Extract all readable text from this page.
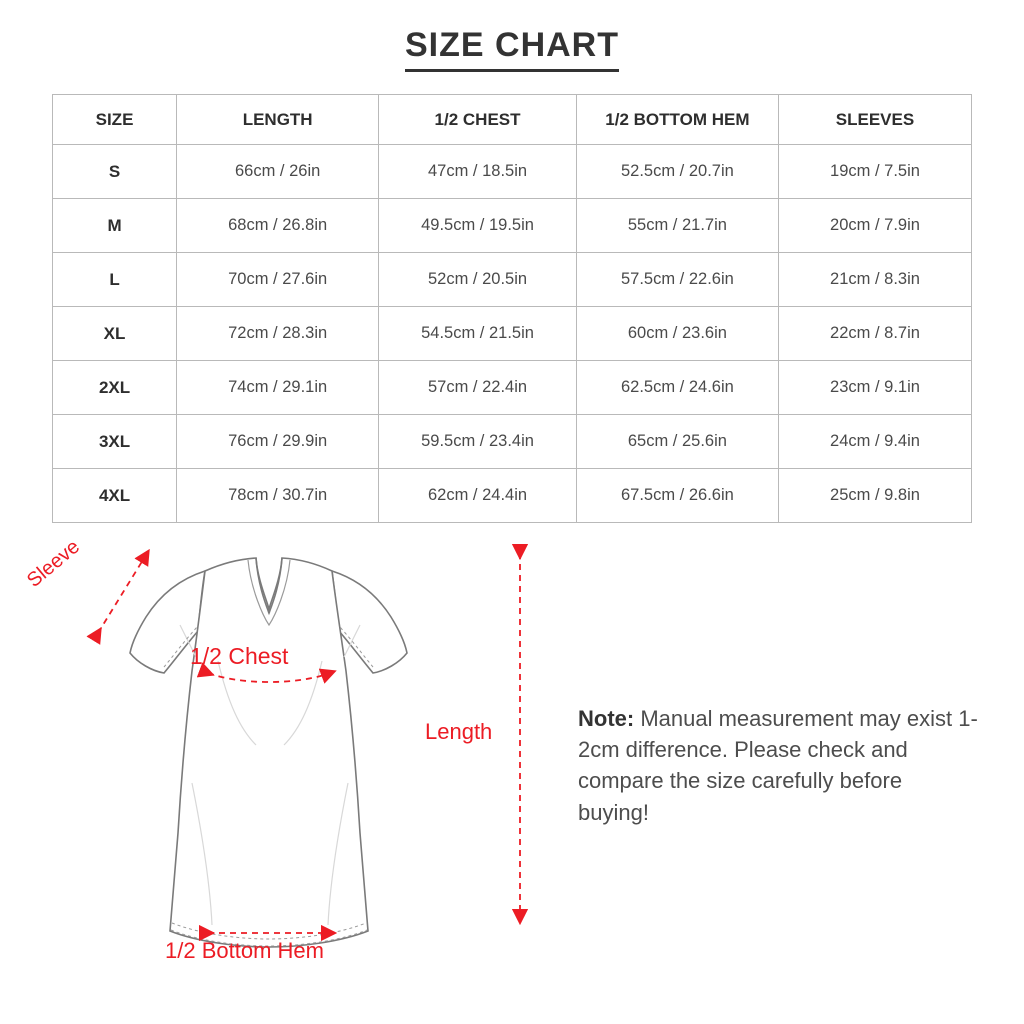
SIZE CHART
SIZE	LENGTH	1/2 CHEST	1/2 BOTTOM HEM	SLEEVES
S	66cm / 26in	47cm / 18.5in	52.5cm / 20.7in	19cm / 7.5in
M	68cm / 26.8in	49.5cm / 19.5in	55cm / 21.7in	20cm / 7.9in
L	70cm / 27.6in	52cm / 20.5in	57.5cm / 22.6in	21cm / 8.3in
XL	72cm / 28.3in	54.5cm / 21.5in	60cm / 23.6in	22cm / 8.7in
2XL	74cm / 29.1in	57cm / 22.4in	62.5cm / 24.6in	23cm / 9.1in
3XL	76cm / 29.9in	59.5cm / 23.4in	65cm / 25.6in	24cm / 9.4in
4XL	78cm / 30.7in	62cm / 24.4in	67.5cm / 26.6in	25cm / 9.8in
Sleeve
1/2 Chest
Length
1/2 Bottom Hem
Note: Manual measurement may exist 1-2cm difference. Please check and compare the size carefully before buying!
